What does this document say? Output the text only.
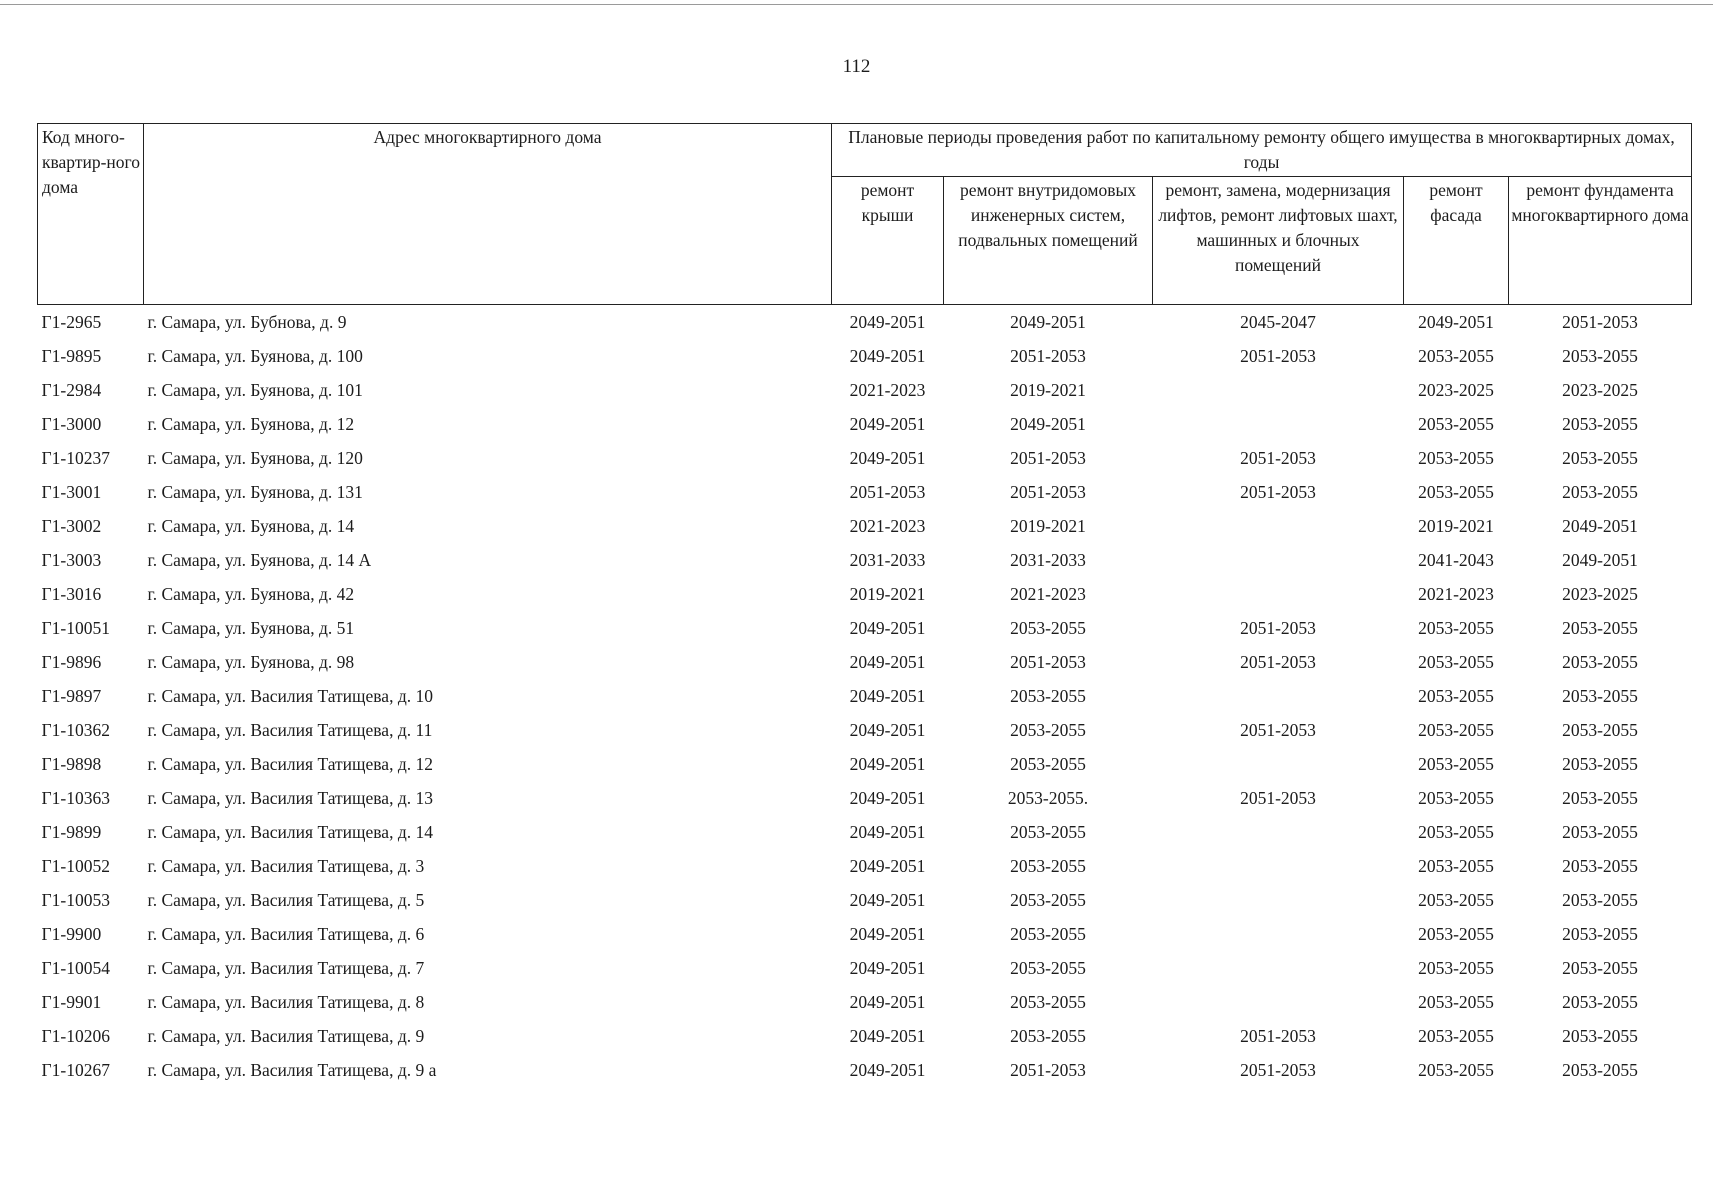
112
Код много-квартир-ного дома	Адрес многоквартирного дома	Плановые периоды проведения работ по капитальному ремонту общего имущества в многоквартирных домах, годы				
		ремонт крыши	ремонт внутридомовых инженерных систем, подвальных помещений	ремонт, замена, модернизация лифтов, ремонт лифтовых шахт, машинных и блочных помещений	ремонт фасада	ремонт фундамента многоквартирного дома
Г1-2965	г. Самара, ул. Бубнова, д. 9	2049-2051	2049-2051	2045-2047	2049-2051	2051-2053
Г1-9895	г. Самара, ул. Буянова, д. 100	2049-2051	2051-2053	2051-2053	2053-2055	2053-2055
Г1-2984	г. Самара, ул. Буянова, д. 101	2021-2023	2019-2021		2023-2025	2023-2025
Г1-3000	г. Самара, ул. Буянова, д. 12	2049-2051	2049-2051		2053-2055	2053-2055
Г1-10237	г. Самара, ул. Буянова, д. 120	2049-2051	2051-2053	2051-2053	2053-2055	2053-2055
Г1-3001	г. Самара, ул. Буянова, д. 131	2051-2053	2051-2053	2051-2053	2053-2055	2053-2055
Г1-3002	г. Самара, ул. Буянова, д. 14	2021-2023	2019-2021		2019-2021	2049-2051
Г1-3003	г. Самара, ул. Буянова, д. 14 А	2031-2033	2031-2033		2041-2043	2049-2051
Г1-3016	г. Самара, ул. Буянова, д. 42	2019-2021	2021-2023		2021-2023	2023-2025
Г1-10051	г. Самара, ул. Буянова, д. 51	2049-2051	2053-2055	2051-2053	2053-2055	2053-2055
Г1-9896	г. Самара, ул. Буянова, д. 98	2049-2051	2051-2053	2051-2053	2053-2055	2053-2055
Г1-9897	г. Самара, ул. Василия Татищева, д. 10	2049-2051	2053-2055		2053-2055	2053-2055
Г1-10362	г. Самара, ул. Василия Татищева, д. 11	2049-2051	2053-2055	2051-2053	2053-2055	2053-2055
Г1-9898	г. Самара, ул. Василия Татищева, д. 12	2049-2051	2053-2055		2053-2055	2053-2055
Г1-10363	г. Самара, ул. Василия Татищева, д. 13	2049-2051	2053-2055.	2051-2053	2053-2055	2053-2055
Г1-9899	г. Самара, ул. Василия Татищева, д. 14	2049-2051	2053-2055		2053-2055	2053-2055
Г1-10052	г. Самара, ул. Василия Татищева, д. 3	2049-2051	2053-2055		2053-2055	2053-2055
Г1-10053	г. Самара, ул. Василия Татищева, д. 5	2049-2051	2053-2055		2053-2055	2053-2055
Г1-9900	г. Самара, ул. Василия Татищева, д. 6	2049-2051	2053-2055		2053-2055	2053-2055
Г1-10054	г. Самара, ул. Василия Татищева, д. 7	2049-2051	2053-2055		2053-2055	2053-2055
Г1-9901	г. Самара, ул. Василия Татищева, д. 8	2049-2051	2053-2055		2053-2055	2053-2055
Г1-10206	г. Самара, ул. Василия Татищева, д. 9	2049-2051	2053-2055	2051-2053	2053-2055	2053-2055
Г1-10267	г. Самара, ул. Василия Татищева, д. 9 а	2049-2051	2051-2053	2051-2053	2053-2055	2053-2055
